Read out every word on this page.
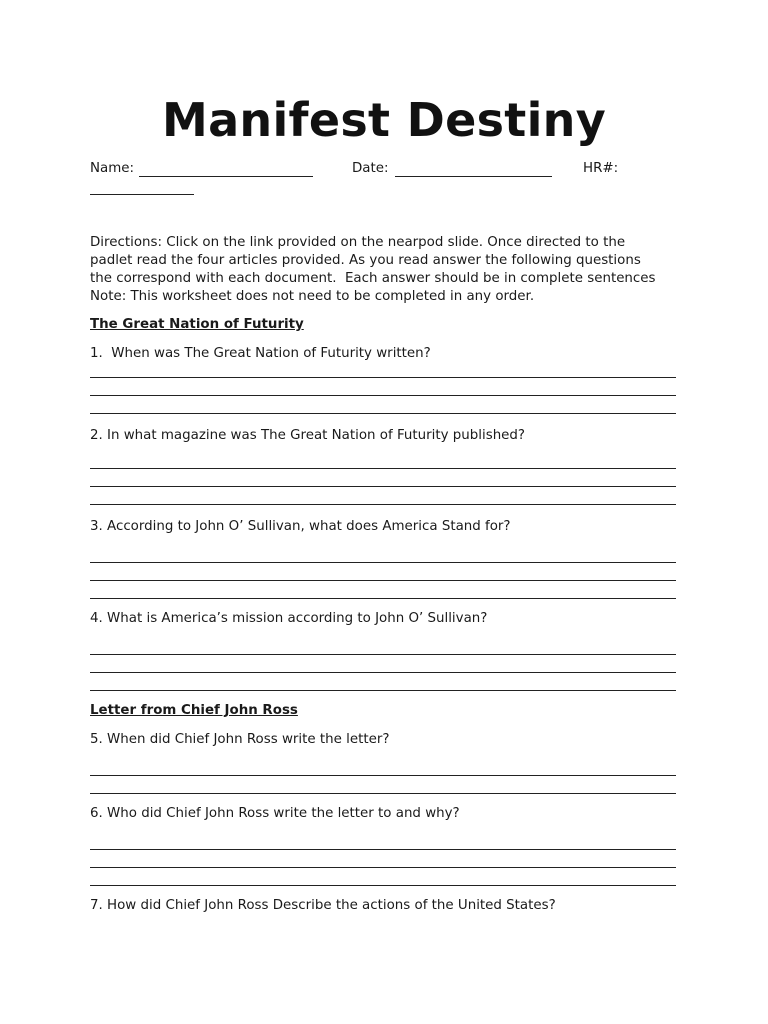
Manifest Destiny
Name:	Date:	HR#:
Directions: Click on the link provided on the nearpod slide. Once directed to the
padlet read the four articles provided. As you read answer the following questions
the correspond with each document.  Each answer should be in complete sentences
Note: This worksheet does not need to be completed in any order.
The Great Nation of Futurity
1.  When was The Great Nation of Futurity written?
2. In what magazine was The Great Nation of Futurity published?
3. According to John O’ Sullivan, what does America Stand for?
4. What is America’s mission according to John O’ Sullivan?
Letter from Chief John Ross
5. When did Chief John Ross write the letter?
6. Who did Chief John Ross write the letter to and why?
7. How did Chief John Ross Describe the actions of the United States?
